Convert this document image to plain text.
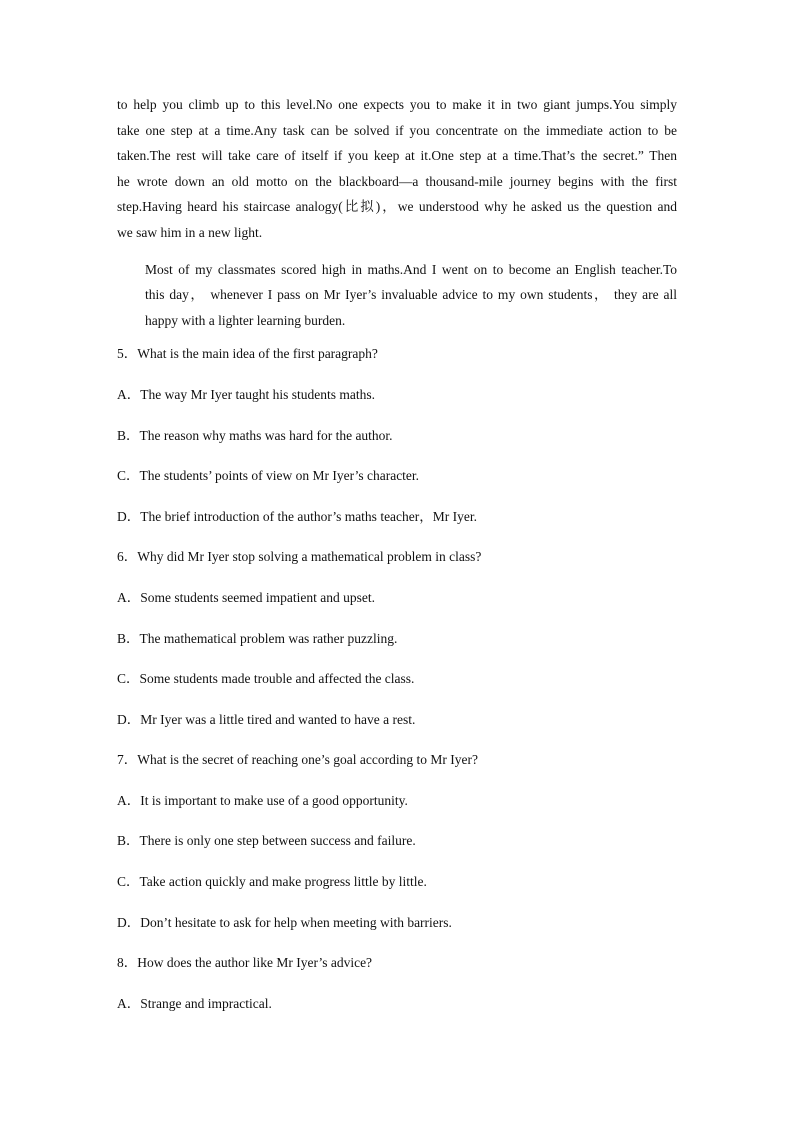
to help you climb up to this level.No one expects you to make it in two giant jumps.You simply
take one step at a time.Any task can be solved if you concentrate on the immediate action to be
taken.The rest will take care of itself if you keep at it.One step at a time.That’s the secret.” Then
he wrote down an old motto on the blackboard—a thousand-mile journey begins with the first
step.Having heard his staircase analogy(比拟)，we understood why he asked us the question and
we saw him in a new light.

Most of my classmates scored high in maths.And I went on to become an English teacher.To
this day， whenever I pass on Mr Iyer’s invaluable advice to my own students， they are all
happy with a lighter learning burden.

5．What is the main idea of the first paragraph?

A．The way Mr Iyer taught his students maths.

B．The reason why maths was hard for the author.

C．The students’ points of view on Mr Iyer’s character.

D．The brief introduction of the author’s maths teacher，Mr Iyer.

6．Why did Mr Iyer stop solving a mathematical problem in class?

A．Some students seemed impatient and upset.

B．The mathematical problem was rather puzzling.

C．Some students made trouble and affected the class.

D．Mr Iyer was a little tired and wanted to have a rest.

7．What is the secret of reaching one’s goal according to Mr Iyer?

A．It is important to make use of a good opportunity.

B．There is only one step between success and failure.

C．Take action quickly and make progress little by little.

D．Don’t hesitate to ask for help when meeting with barriers.

8．How does the author like Mr Iyer’s advice?

A．Strange and impractical.
